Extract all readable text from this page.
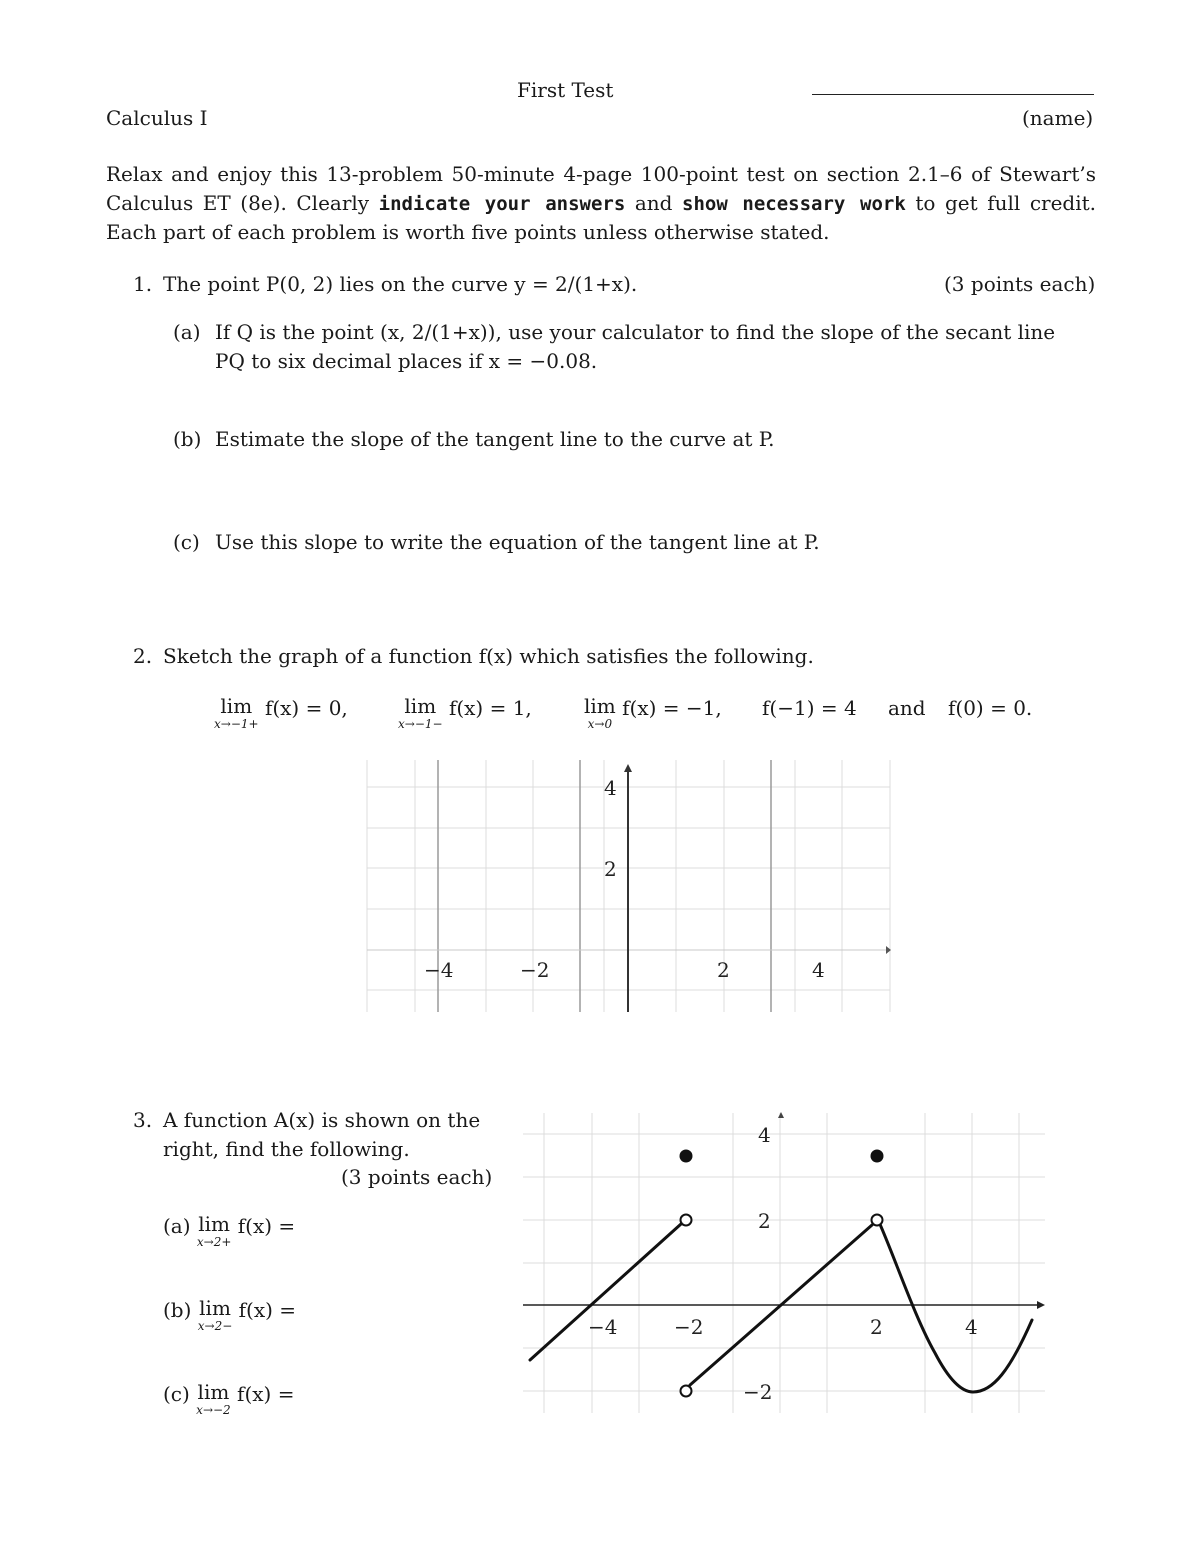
First Test
Calculus I	(name)
Relax and enjoy this 13-problem 50-minute 4-page 100-point test on section 2.1–6 of Stewart’s Calculus ET (8e). Clearly indicate your answers and show necessary work to get full credit. Each part of each problem is worth five points unless otherwise stated.
1. The point P(0, 2) lies on the curve y = 2/(1+x).	(3 points each)
(a) If Q is the point (x, 2/(1+x)), use your calculator to find the slope of the secant line
PQ to six decimal places if x = −0.08.
(b) Estimate the slope of the tangent line to the curve at P.
(c) Use this slope to write the equation of the tangent line at P.
2. Sketch the graph of a function f(x) which satisfies the following.
lim
x→−1+
f(x) = 0,	lim
x→−1−
f(x) = 1,	lim
x→0
f(x) = −1, f(−1) = 4 and f(0) = 0.
−4	−2	2	4
4
2
3. A function A(x) is shown on the
right, find the following.
(3 points each)
(a) lim
x→2+
f(x) =
(b) lim
x→2−
f(x) =
(c) lim
x→−2
f(x) =
−4	−2	2	4
4
2
−2
